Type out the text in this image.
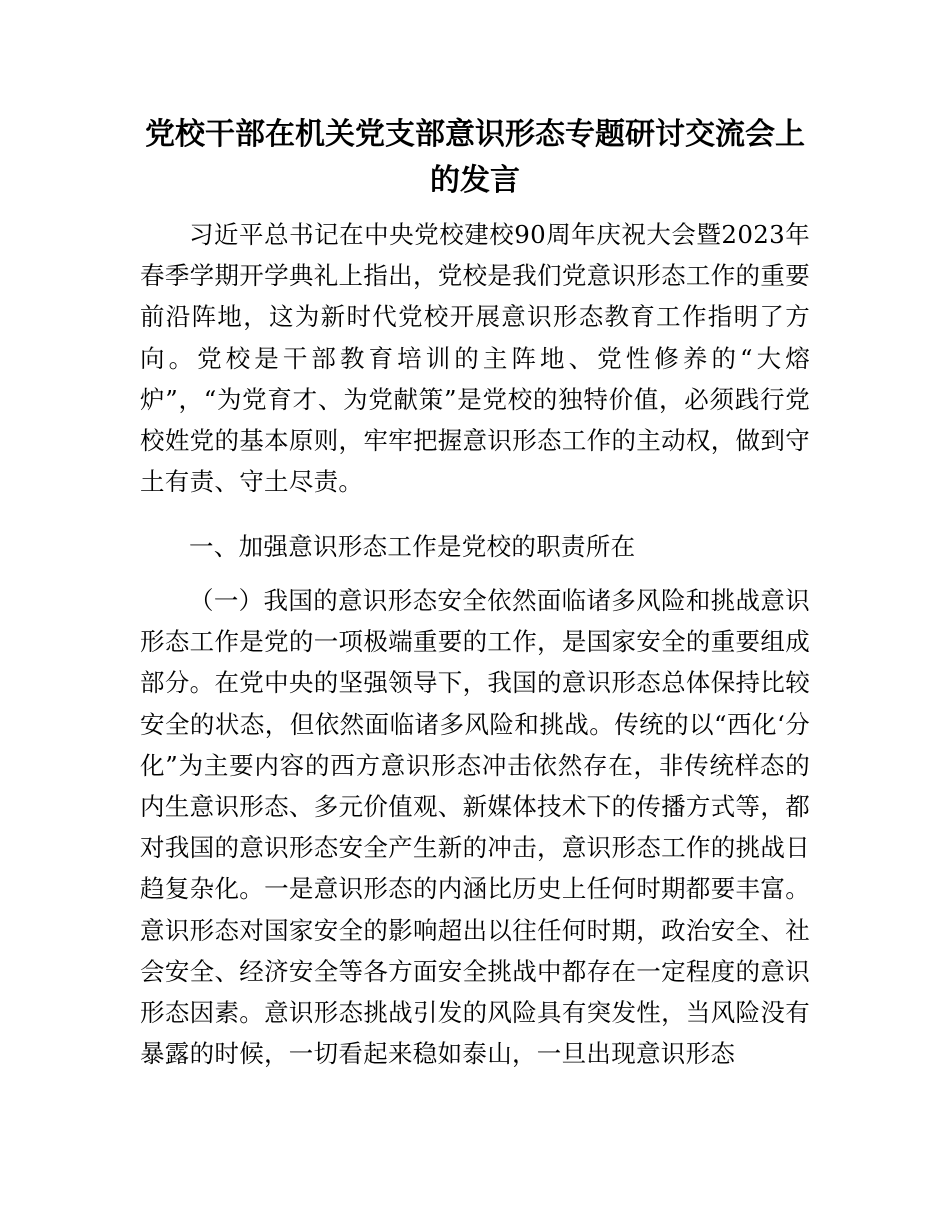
党校干部在机关党支部意识形态专题研讨交流会上的发言

习近平总书记在中央党校建校90周年庆祝大会暨2023年春季学期开学典礼上指出，党校是我们党意识形态工作的重要前沿阵地，这为新时代党校开展意识形态教育工作指明了方向。党校是干部教育培训的主阵地、党性修养的“大熔炉”，“为党育才、为党献策”是党校的独特价值，必须践行党校姓党的基本原则，牢牢把握意识形态工作的主动权，做到守土有责、守土尽责。

一、加强意识形态工作是党校的职责所在

（一）我国的意识形态安全依然面临诸多风险和挑战意识形态工作是党的一项极端重要的工作，是国家安全的重要组成部分。在党中央的坚强领导下，我国的意识形态总体保持比较安全的状态，但依然面临诸多风险和挑战。传统的以“西化‘分化”为主要内容的西方意识形态冲击依然存在，非传统样态的内生意识形态、多元价值观、新媒体技术下的传播方式等，都对我国的意识形态安全产生新的冲击，意识形态工作的挑战日趋复杂化。一是意识形态的内涵比历史上任何时期都要丰富。意识形态对国家安全的影响超出以往任何时期，政治安全、社会安全、经济安全等各方面安全挑战中都存在一定程度的意识形态因素。意识形态挑战引发的风险具有突发性，当风险没有暴露的时候，一切看起来稳如泰山，一旦出现意识形态
